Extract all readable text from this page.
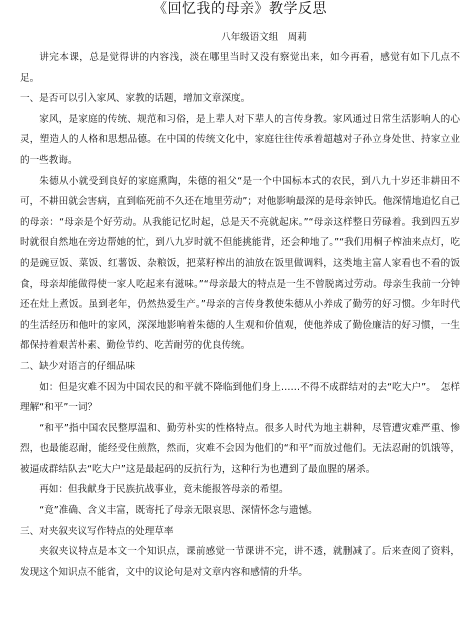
《回忆我的母亲》教学反思
八年级语文组　周莉

讲完本课，总是觉得讲的内容浅，淡在哪里当时又没有察觉出来，如今再看，感觉有如下几点不足。

一、是否可以引入家风、家教的话题，增加文章深度。

家风，是家庭的传统、规范和习俗，是上辈人对下辈人的言传身教。家风通过日常生活影响人的心灵，塑造人的人格和思想品德。在中国的传统文化中，家庭往往传承着超越对子孙立身处世、持家立业的一些教诲。

朱德从小就受到良好的家庭熏陶，朱德的祖父“是一个中国标本式的农民，到八九十岁还非耕田不可，不耕田就会害病，直到临死前不久还在地里劳动”；对他影响最深的是母亲钟氏。他深情地追忆自己的母亲：“母亲是个好劳动。从我能记忆时起，总是天不亮就起床。”“母亲这样整日劳碌着。我到四五岁时就很自然地在旁边帮她的忙，到八九岁时就不但能挑能背，还会种地了。”“我们用桐子榨油来点灯，吃的是豌豆饭、菜饭、红薯饭、杂粮饭，把菜籽榨出的油放在饭里做调料，这类地主富人家看也不看的饭食，母亲却能做得使一家人吃起来有滋味。”“母亲最大的特点是一生不曾脱离过劳动。母亲生我前一分钟还在灶上煮饭。虽到老年，仍然热爱生产。”母亲的言传身教使朱德从小养成了勤劳的好习惯。少年时代的生活经历和他叶的家风，深深地影响着朱德的人生观和价值观，使他养成了勤俭廉洁的好习惯，一生都保持着艰苦朴素、勤俭节约、吃苦耐劳的优良传统。

二、缺少对语言的仔细品味

如：但是灾难不因为中国农民的和平就不降临到他们身上……不得不成群结对的去“吃大户”。　怎样理解“和平”一词？

“和平”指中国农民整厚温和、勤劳朴实的性格特点。很多人时代为地主耕种，尽管遭灾难严重、惨烈，也最能忍耐，能经受住煎熬，然而，灾难不会因为他们的“和平”而放过他们。无法忍耐的饥饿等，被逼成群结队去“吃大户”这是最起码的反抗行为，这种行为也遭到了最血腥的屠杀。

再如：但我献身于民族抗战事业，竟未能报答母亲的希望。

“竟”准确、含义丰富，既寄托了母亲无限哀思、深情怀念与遗憾。

三、对夹叙夹议写作特点的处理草率

夹叙夹议特点是本文一个知识点，课前感觉一节课讲不完，讲不透，就删减了。后来查阅了资料，发现这个知识点不能省，文中的议论句是对文章内容和感情的升华。
